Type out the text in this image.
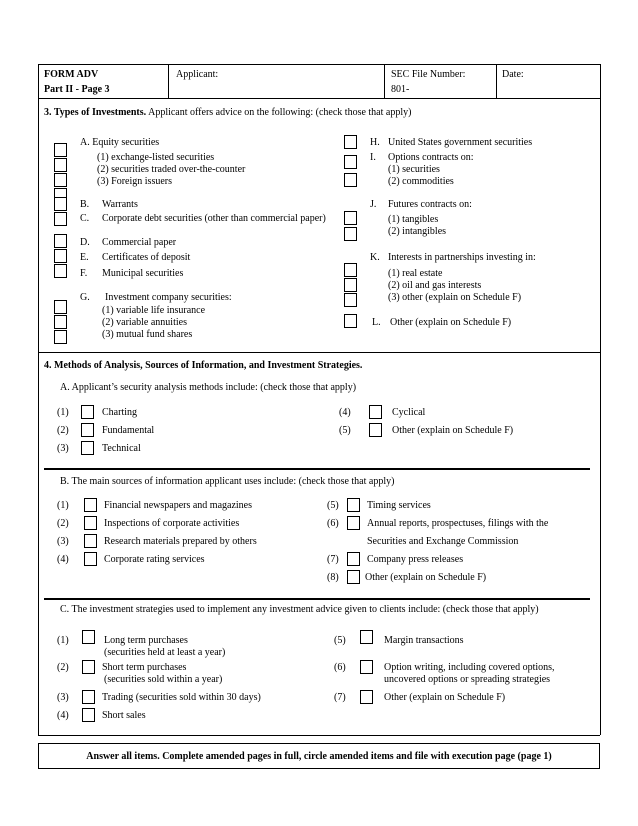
FORM ADV
Part II - Page 3
Applicant:	SEC File Number:
801-
Date:
3. Types of Investments. Applicant offers advice on the following: (check those that apply)
A. Equity securities
(1) exchange-listed securities
(2) securities traded over-the-counter
(3) Foreign issuers
B. Warrants
C. Corporate debt securities (other than commercial paper)
D. Commercial paper
E. Certificates of deposit
F. Municipal securities
G. Investment company securities:
(1) variable life insurance
(2) variable annuities
(3) mutual fund shares
H. United States government securities
I. Options contracts on:
(1) securities
(2) commodities
J. Futures contracts on:
(1) tangibles
(2) intangibles
K. Interests in partnerships investing in:
(1) real estate
(2) oil and gas interests
(3) other (explain on Schedule F)
L. Other (explain on Schedule F)
4. Methods of Analysis, Sources of Information, and Investment Strategies.
A. Applicant’s security analysis methods include: (check those that apply)
(1)	Charting
(2)	Fundamental
(3)	Technical
(4)	Cyclical
(5)	Other (explain on Schedule F)
B. The main sources of information applicant uses include: (check those that apply)
(1)	Financial newspapers and magazines
(2)	Inspections of corporate activities
(3)	Research materials prepared by others
(4)	Corporate rating services
(5)	Timing services
(6)	Annual reports, prospectuses, filings with the
Securities and Exchange Commission
(7)	Company press releases
(8)	Other (explain on Schedule F)
C. The investment strategies used to implement any investment advice given to clients include: (check those that apply)
(1)	Long term purchases
(securities held at least a year)
(2)	Short term purchases
(securities sold within a year)
(3)	Trading (securities sold within 30 days)
(4)	Short sales
(5)	Margin transactions
(6)	Option writing, including covered options,
uncovered options or spreading strategies
(7)	Other (explain on Schedule F)
Answer all items. Complete amended pages in full, circle amended items and file with execution page (page 1)
